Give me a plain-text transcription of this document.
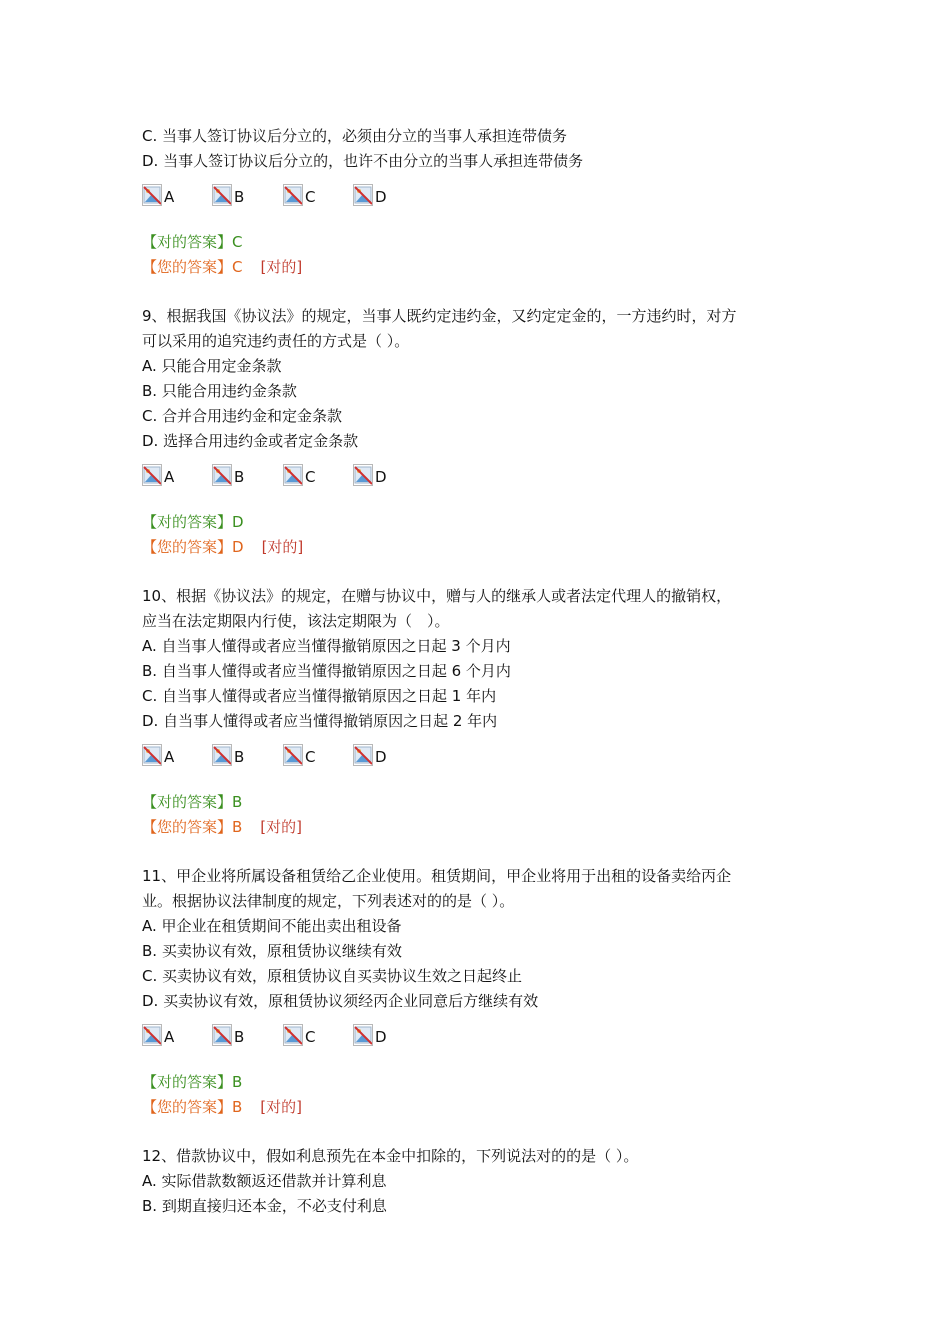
C. 当事人签订协议后分立的，必须由分立的当事人承担连带债务
D. 当事人签订协议后分立的，也许不由分立的当事人承担连带债务
A	B	C	D
【对的答案】C
【您的答案】C [对的]
9、根据我国《协议法》的规定，当事人既约定违约金，又约定定金的，一方违约时，对方
可以采用的追究违约责任的方式是（ ）。
A. 只能合用定金条款
B. 只能合用违约金条款
C. 合并合用违约金和定金条款
D. 选择合用违约金或者定金条款
A	B	C	D
【对的答案】D
【您的答案】D [对的]
10、根据《协议法》的规定，在赠与协议中，赠与人的继承人或者法定代理人的撤销权，
应当在法定期限内行使，该法定期限为（　）。
A. 自当事人懂得或者应当懂得撤销原因之日起 3 个月内
B. 自当事人懂得或者应当懂得撤销原因之日起 6 个月内
C. 自当事人懂得或者应当懂得撤销原因之日起 1 年内
D. 自当事人懂得或者应当懂得撤销原因之日起 2 年内
A	B	C	D
【对的答案】B
【您的答案】B [对的]
11、甲企业将所属设备租赁给乙企业使用。租赁期间，甲企业将用于出租的设备卖给丙企
业。根据协议法律制度的规定，下列表述对的的是（ ）。
A. 甲企业在租赁期间不能出卖出租设备
B. 买卖协议有效，原租赁协议继续有效
C. 买卖协议有效，原租赁协议自买卖协议生效之日起终止
D. 买卖协议有效，原租赁协议须经丙企业同意后方继续有效
A	B	C	D
【对的答案】B
【您的答案】B [对的]
12、借款协议中，假如利息预先在本金中扣除的，下列说法对的的是（ ）。
A. 实际借款数额返还借款并计算利息
B. 到期直接归还本金，不必支付利息
